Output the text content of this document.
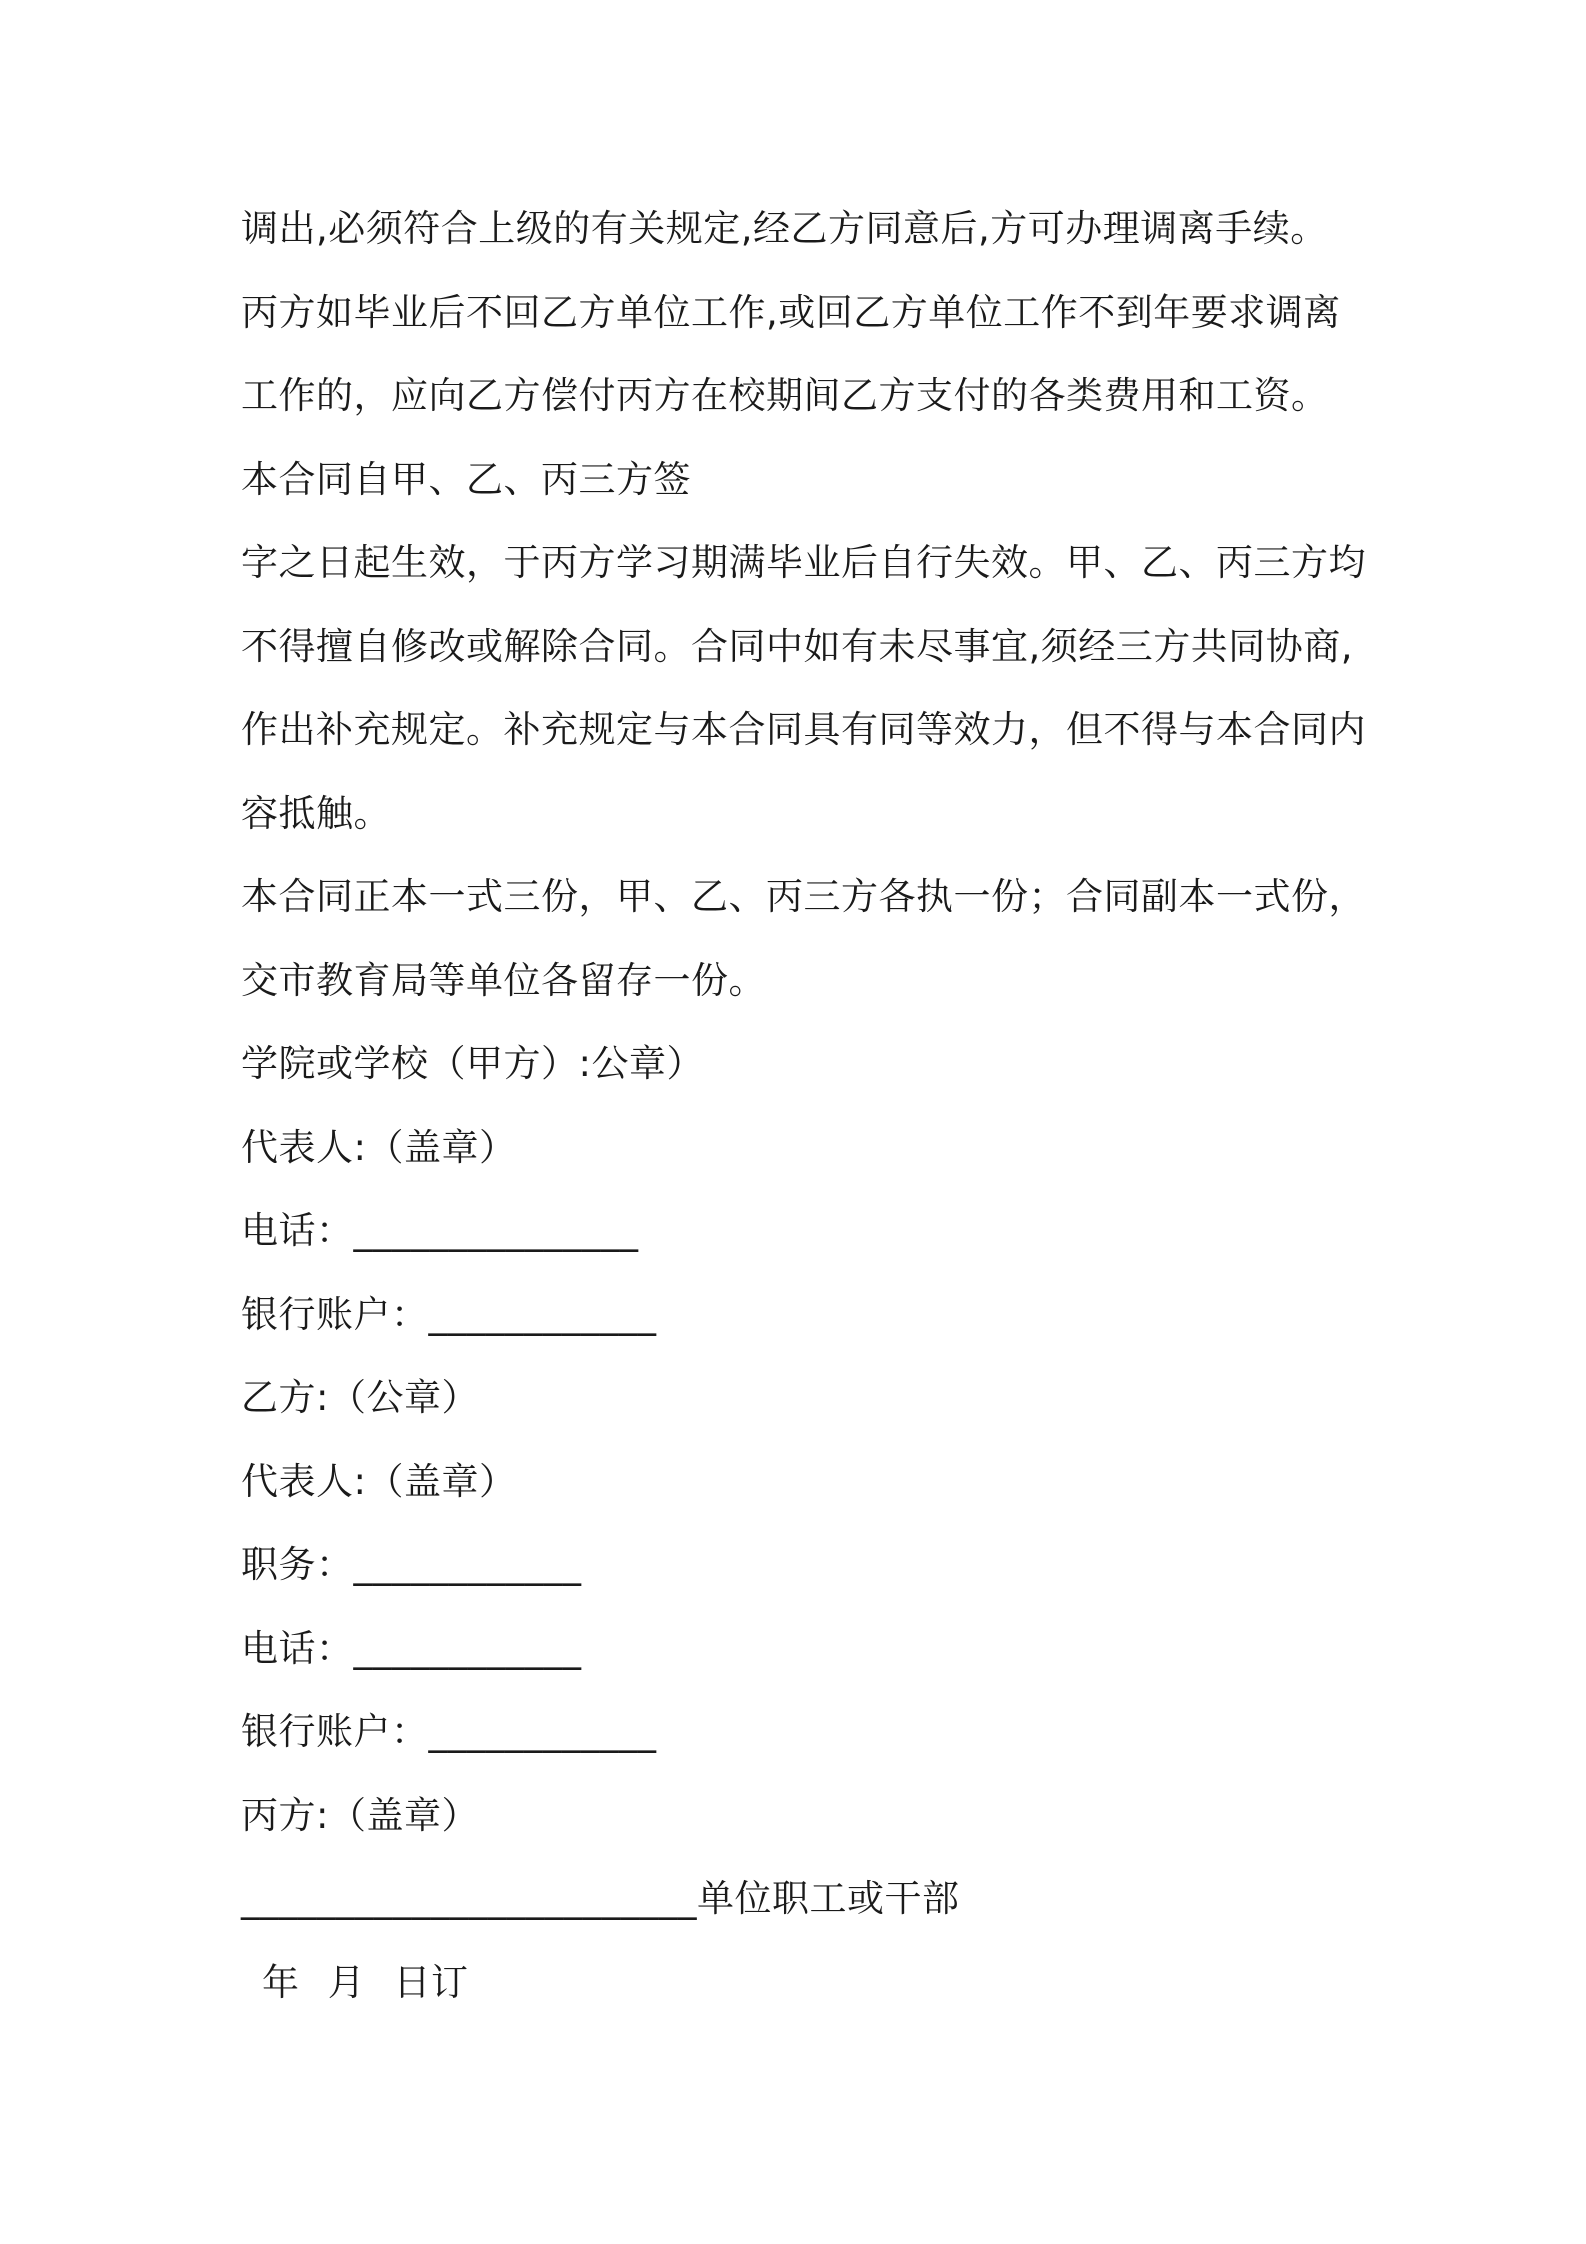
调出,必须符合上级的有关规定,经乙方同意后,方可办理调离手续。

丙方如毕业后不回乙方单位工作,或回乙方单位工作不到年要求调离

工作的，应向乙方偿付丙方在校期间乙方支付的各类费用和工资。

本合同自甲、乙、丙三方签

字之日起生效，于丙方学习期满毕业后自行失效。甲、乙、丙三方均

不得擅自修改或解除合同。合同中如有未尽事宜,须经三方共同协商,

作出补充规定。补充规定与本合同具有同等效力，但不得与本合同内

容抵触。

本合同正本一式三份，甲、乙、丙三方各执一份；合同副本一式份，

交市教育局等单位各留存一份。

学院或学校（甲方）:公章）

代表人:（盖章）

电话：_______________

银行账户：____________

乙方:（公章）

代表人:（盖章）

职务：____________

电话：____________

银行账户：____________

丙方:（盖章）

________________________单位职工或干部

年 月 日订
